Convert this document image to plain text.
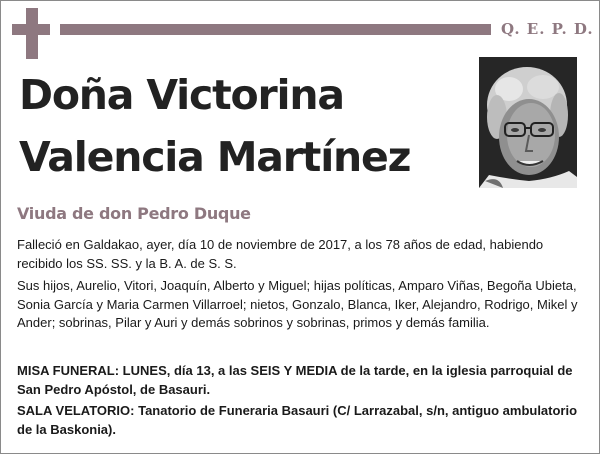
Q. E. P. D.
Doña Victorina
Valencia Martínez
Viuda de don Pedro Duque
Falleció en Galdakao, ayer, día 10 de noviembre de 2017, a los 78 años de edad, habiendo recibido los SS. SS. y la B. A. de S. S.
Sus hijos, Aurelio, Vitori, Joaquín, Alberto y Miguel; hijas políticas, Amparo Viñas, Begoña Ubieta, Sonia García y Maria Carmen Villarroel; nietos, Gonzalo, Blanca, Iker, Alejandro, Rodrigo, Mikel y Ander; sobrinas, Pilar y Auri y demás sobrinos y sobrinas, primos y demás familia.
MISA FUNERAL: LUNES, día 13, a las SEIS Y MEDIA de la tarde, en la iglesia parroquial de San Pedro Apóstol, de Basauri.
SALA VELATORIO: Tanatorio de Funeraria Basauri (C/ Larrazabal, s/n, antiguo ambulatorio de la Baskonia).
